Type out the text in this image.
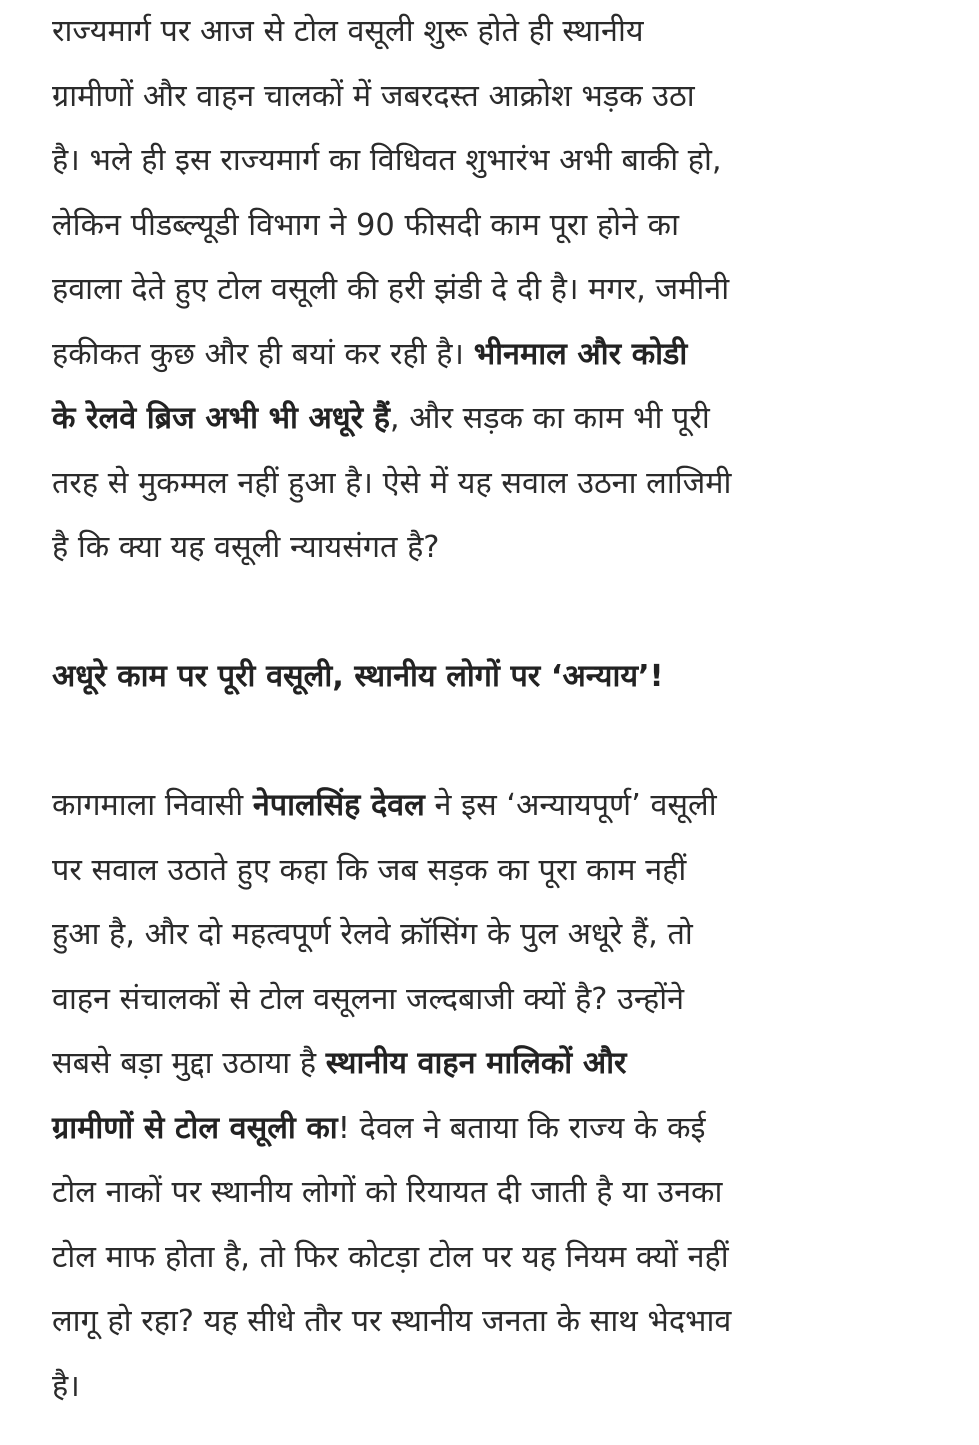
राज्यमार्ग पर आज से टोल वसूली शुरू होते ही स्थानीय
ग्रामीणों और वाहन चालकों में जबरदस्त आक्रोश भड़क उठा
है। भले ही इस राज्यमार्ग का विधिवत शुभारंभ अभी बाकी हो,
लेकिन पीडब्ल्यूडी विभाग ने 90 फीसदी काम पूरा होने का
हवाला देते हुए टोल वसूली की हरी झंडी दे दी है। मगर, जमीनी
हकीकत कुछ और ही बयां कर रही है। भीनमाल और कोडी
के रेलवे ब्रिज अभी भी अधूरे हैं, और सड़क का काम भी पूरी
तरह से मुकम्मल नहीं हुआ है। ऐसे में यह सवाल उठना लाजिमी
है कि क्या यह वसूली न्यायसंगत है?

अधूरे काम पर पूरी वसूली, स्थानीय लोगों पर ‘अन्याय’!

कागमाला निवासी नेपालसिंह देवल ने इस ‘अन्यायपूर्ण’ वसूली
पर सवाल उठाते हुए कहा कि जब सड़क का पूरा काम नहीं
हुआ है, और दो महत्वपूर्ण रेलवे क्रॉसिंग के पुल अधूरे हैं, तो
वाहन संचालकों से टोल वसूलना जल्दबाजी क्यों है? उन्होंने
सबसे बड़ा मुद्दा उठाया है स्थानीय वाहन मालिकों और
ग्रामीणों से टोल वसूली का! देवल ने बताया कि राज्य के कई
टोल नाकों पर स्थानीय लोगों को रियायत दी जाती है या उनका
टोल माफ होता है, तो फिर कोटड़ा टोल पर यह नियम क्यों नहीं
लागू हो रहा? यह सीधे तौर पर स्थानीय जनता के साथ भेदभाव
है।
